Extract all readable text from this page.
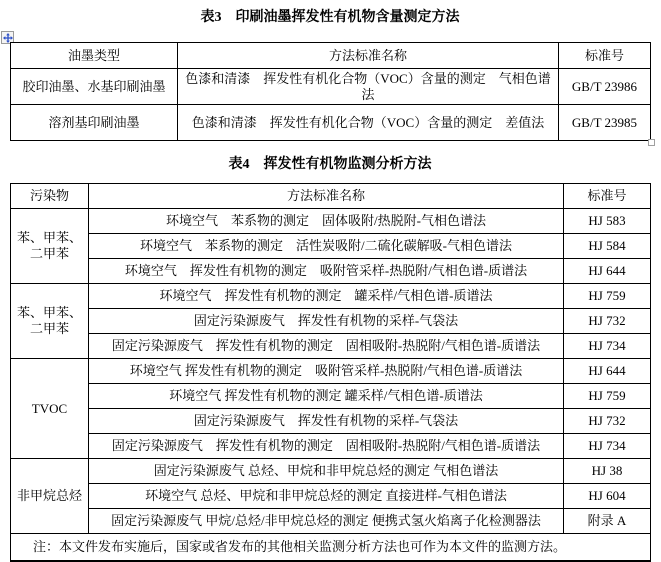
表3　印刷油墨挥发性有机物含量测定方法
油墨类型	方法标准名称	标准号
胶印油墨、水基印刷油墨	色漆和清漆　挥发性有机化合物（VOC）含量的测定　气相色谱法	GB/T 23986
溶剂基印刷油墨	色漆和清漆　挥发性有机化合物（VOC）含量的测定　差值法	GB/T 23985
表4　挥发性有机物监测分析方法
污染物	方法标准名称	标准号
苯、甲苯、二甲苯	环境空气　苯系物的测定　固体吸附/热脱附-气相色谱法	HJ 583
	环境空气　苯系物的测定　活性炭吸附/二硫化碳解吸-气相色谱法	HJ 584
	环境空气　挥发性有机物的测定　吸附管采样-热脱附/气相色谱-质谱法	HJ 644
苯、甲苯、二甲苯	环境空气　挥发性有机物的测定　罐采样/气相色谱-质谱法	HJ 759
	固定污染源废气　挥发性有机物的采样-气袋法	HJ 732
	固定污染源废气　挥发性有机物的测定　固相吸附-热脱附/气相色谱-质谱法	HJ 734
TVOC	环境空气 挥发性有机物的测定　吸附管采样-热脱附/气相色谱-质谱法	HJ 644
	环境空气 挥发性有机物的测定 罐采样/气相色谱-质谱法	HJ 759
	固定污染源废气　挥发性有机物的采样-气袋法	HJ 732
	固定污染源废气　挥发性有机物的测定　固相吸附-热脱附/气相色谱-质谱法	HJ 734
非甲烷总烃	固定污染源废气 总烃、甲烷和非甲烷总烃的测定 气相色谱法	HJ 38
	环境空气 总烃、甲烷和非甲烷总烃的测定 直接进样-气相色谱法	HJ 604
	固定污染源废气 甲烷/总烃/非甲烷总烃的测定 便携式氢火焰离子化检测器法	附录 A
注：本文件发布实施后，国家或省发布的其他相关监测分析方法也可作为本文件的监测方法。		
